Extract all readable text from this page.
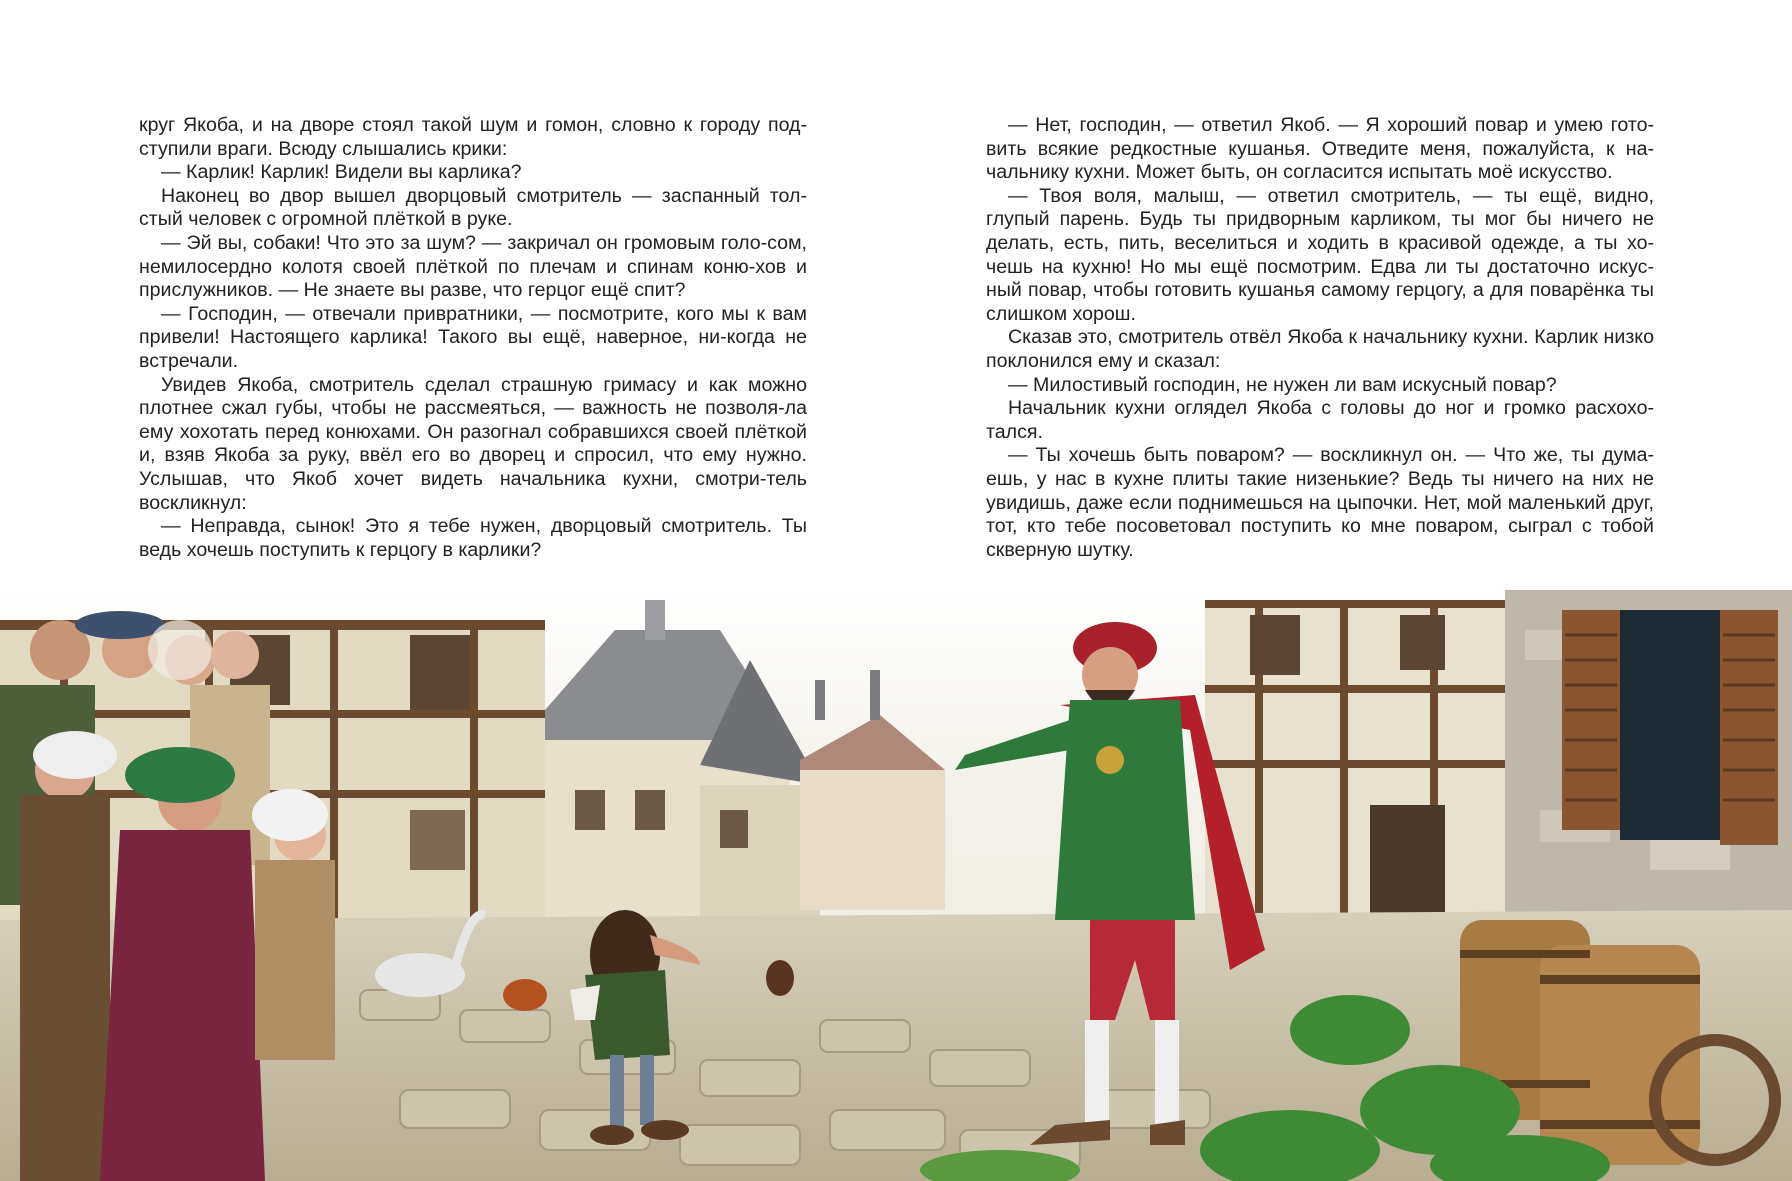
круг Якоба, и на дворе стоял такой шум и гомон, словно к городу под-ступили враги. Всюду слышались крики:

— Карлик! Карлик! Видели вы карлика?

Наконец во двор вышел дворцовый смотритель — заспанный тол-стый человек с огромной плёткой в руке.

— Эй вы, собаки! Что это за шум? — закричал он громовым голо-сом, немилосердно колотя своей плёткой по плечам и спинам коню-хов и прислужников. — Не знаете вы разве, что герцог ещё спит?

— Господин, — отвечали привратники, — посмотрите, кого мы к вам привели! Настоящего карлика! Такого вы ещё, наверное, ни-когда не встречали.

Увидев Якоба, смотритель сделал страшную гримасу и как можно плотнее сжал губы, чтобы не рассмеяться, — важность не позволя-ла ему хохотать перед конюхами. Он разогнал собравшихся своей плёткой и, взяв Якоба за руку, ввёл его во дворец и спросил, что ему нужно. Услышав, что Якоб хочет видеть начальника кухни, смотри-тель воскликнул:

— Неправда, сынок! Это я тебе нужен, дворцовый смотритель. Ты ведь хочешь поступить к герцогу в карлики?

— Нет, господин, — ответил Якоб. — Я хороший повар и умею гото-вить всякие редкостные кушанья. Отведите меня, пожалуйста, к на-чальнику кухни. Может быть, он согласится испытать моё искусство.

— Твоя воля, малыш, — ответил смотритель, — ты ещё, видно, глупый парень. Будь ты придворным карликом, ты мог бы ничего не делать, есть, пить, веселиться и ходить в красивой одежде, а ты хо-чешь на кухню! Но мы ещё посмотрим. Едва ли ты достаточно искус-ный повар, чтобы готовить кушанья самому герцогу, а для поварёнка ты слишком хорош.

Сказав это, смотритель отвёл Якоба к начальнику кухни. Карлик низко поклонился ему и сказал:

— Милостивый господин, не нужен ли вам искусный повар?

Начальник кухни оглядел Якоба с головы до ног и громко расхохо-тался.

— Ты хочешь быть поваром? — воскликнул он. — Что же, ты дума-ешь, у нас в кухне плиты такие низенькие? Ведь ты ничего на них не увидишь, даже если поднимешься на цыпочки. Нет, мой маленький друг, тот, кто тебе посоветовал поступить ко мне поваром, сыграл с тобой скверную шутку.
